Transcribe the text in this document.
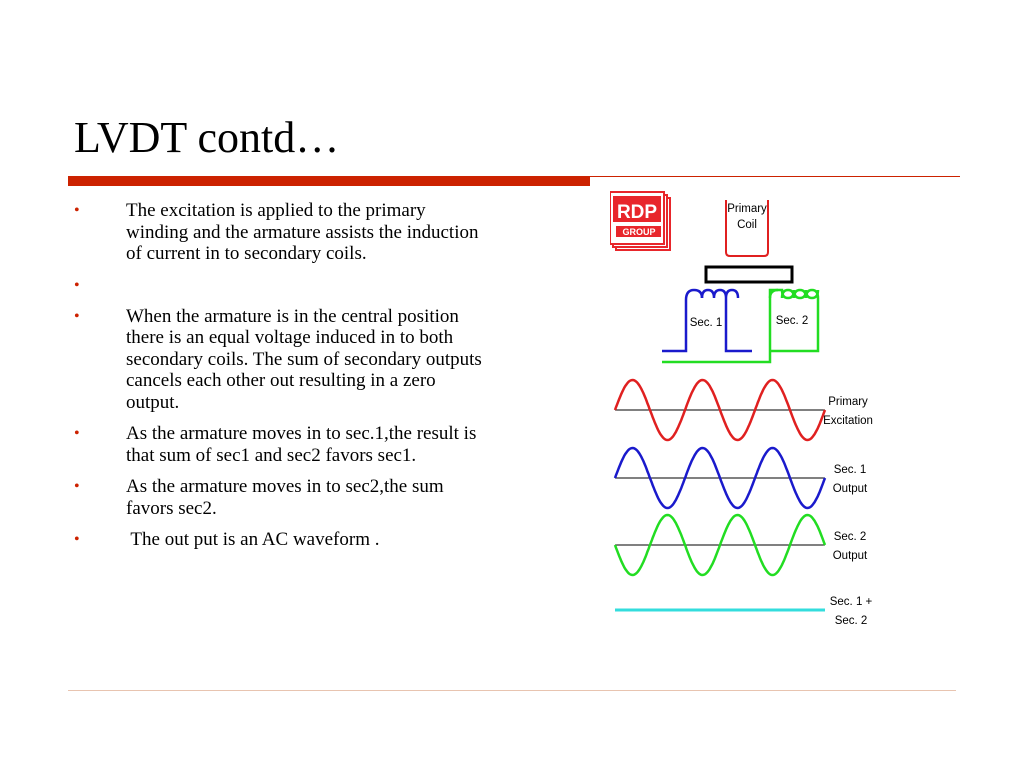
LVDT contd…
• The excitation is applied to the primary winding and the armature assists the induction of current in to secondary coils.
•
• When the armature is in the central position there is an equal voltage induced in to both secondary coils. The sum of secondary outputs cancels each other out resulting in a zero output.
• As the armature moves in to sec.1,the result is that sum of sec1 and sec2 favors sec1.
• As the armature moves in to sec2,the sum favors sec2.
• The out put is an AC waveform .
RDP
GROUP
Primary
Coil
Sec. 1	Sec. 2
Primary
Excitation
Sec. 1
Output
Sec. 2
Output
Sec. 1 +
Sec. 2
